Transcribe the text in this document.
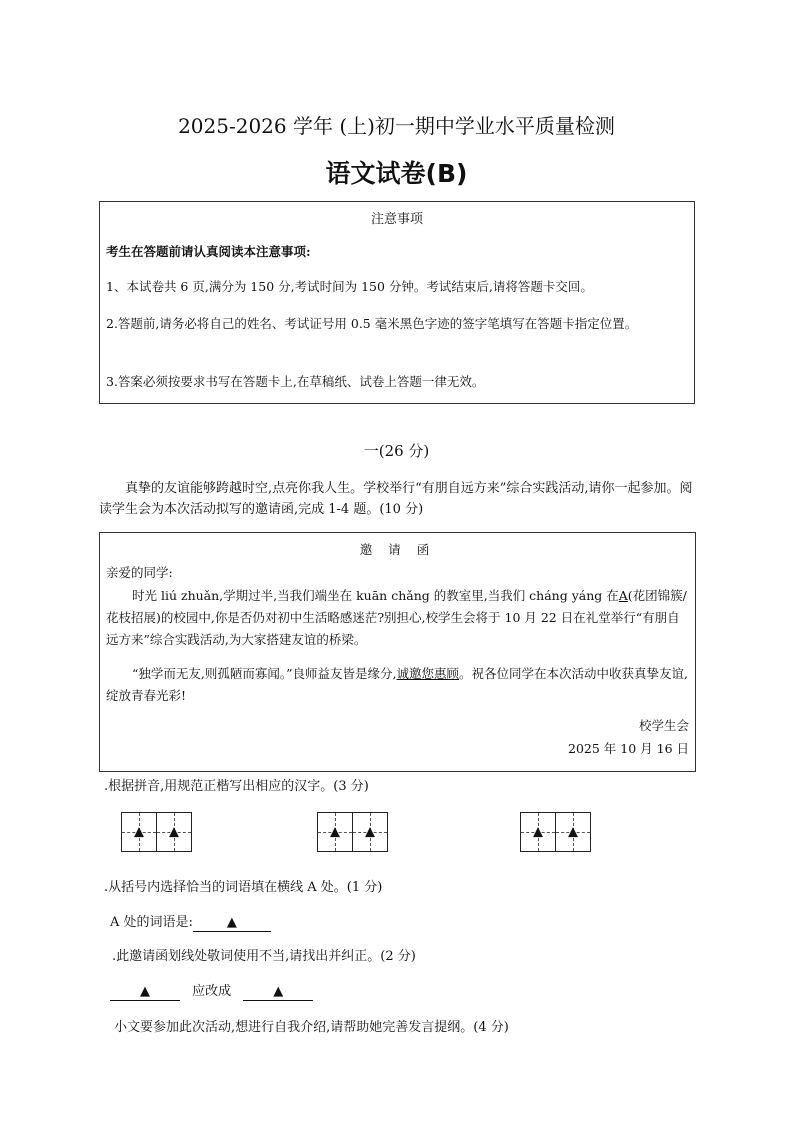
2025-2026 学年 (上)初一期中学业水平质量检测
语文试卷(B)
注意事项
考生在答题前请认真阅读本注意事项:
1、本试卷共 6 页,满分为 150 分,考试时间为 150 分钟。考试结束后,请将答题卡交回。
2.答题前,请务必将自己的姓名、考试证号用 0.5 毫米黑色字迹的签字笔填写在答题卡指定位置。
3.答案必须按要求书写在答题卡上,在草稿纸、试卷上答题一律无效。
一(26 分)
真挚的友谊能够跨越时空,点亮你我人生。学校举行“有朋自远方来”综合实践活动,请你一起参加。阅读学生会为本次活动拟写的邀请函,完成 1-4 题。(10 分)
邀 请 函
亲爱的同学:
时光 liú zhuǎn,学期过半,当我们端坐在 kuān chǎng 的教室里,当我们 cháng yáng 在A(花团锦簇/花枝招展)的校园中,你是否仍对初中生活略感迷茫?别担心,校学生会将于 10 月 22 日在礼堂举行“有朋自远方来”综合实践活动,为大家搭建友谊的桥梁。
“独学而无友,则孤陋而寡闻。”良师益友皆是缘分,诚邀您惠顾。祝各位同学在本次活动中收获真挚友谊,绽放青春光彩!
校学生会
2025 年 10 月 16 日
.根据拼音,用规范正楷写出相应的汉字。(3 分)
▲ ▲	▲ ▲	▲ ▲
.从括号内选择恰当的词语填在横线 A 处。(1 分)
A 处的词语是:	▲
.此邀请函划线处敬词使用不当,请找出并纠正。(2 分)
▲	应改成	▲
小文要参加此次活动,想进行自我介绍,请帮助她完善发言提纲。(4 分)
